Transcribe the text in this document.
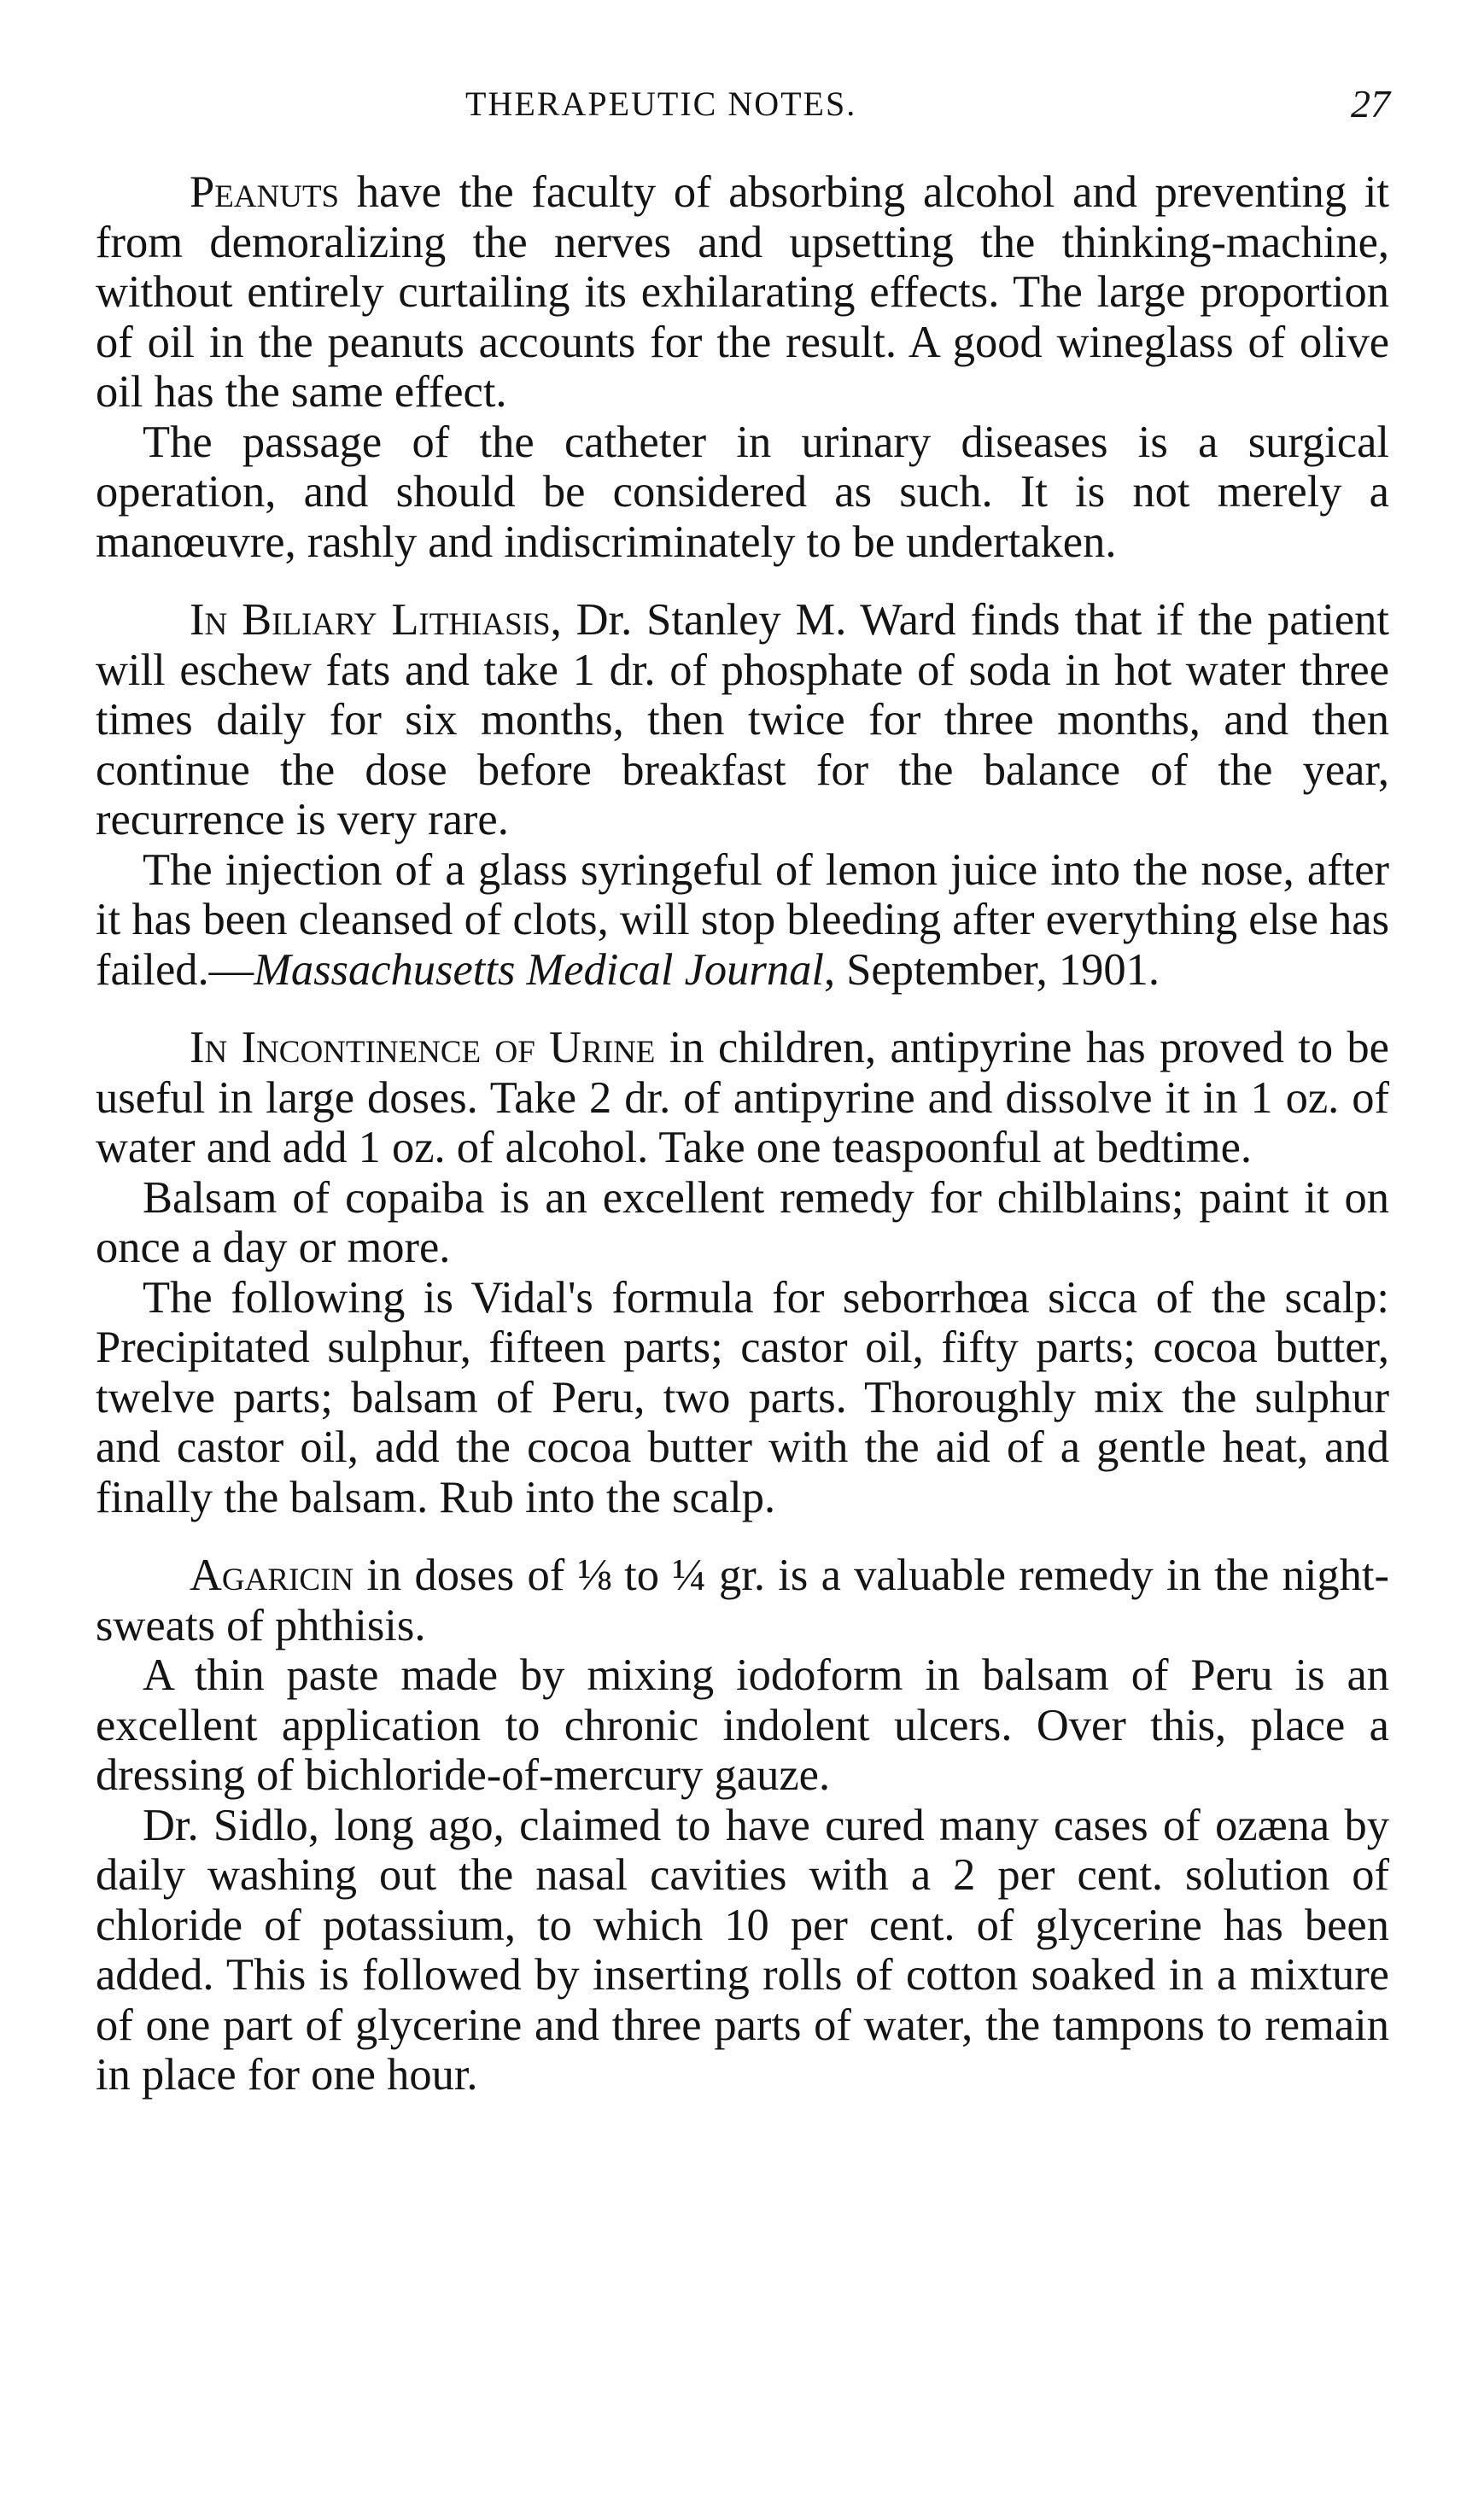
THERAPEUTIC NOTES.	27

Peanuts have the faculty of absorbing alcohol and preventing it from demoralizing the nerves and upsetting the thinking-machine, without entirely curtailing its exhilarating effects. The large proportion of oil in the peanuts accounts for the result. A good wineglass of olive oil has the same effect.

The passage of the catheter in urinary diseases is a surgical operation, and should be considered as such. It is not merely a manœuvre, rashly and indiscriminately to be undertaken.

In Biliary Lithiasis, Dr. Stanley M. Ward finds that if the patient will eschew fats and take 1 dr. of phosphate of soda in hot water three times daily for six months, then twice for three months, and then continue the dose before breakfast for the balance of the year, recurrence is very rare.

The injection of a glass syringeful of lemon juice into the nose, after it has been cleansed of clots, will stop bleeding after everything else has failed.—Massachusetts Medical Journal, September, 1901.

In Incontinence of Urine in children, antipyrine has proved to be useful in large doses. Take 2 dr. of antipyrine and dissolve it in 1 oz. of water and add 1 oz. of alcohol. Take one teaspoonful at bedtime.

Balsam of copaiba is an excellent remedy for chilblains; paint it on once a day or more.

The following is Vidal's formula for seborrhœa sicca of the scalp: Precipitated sulphur, fifteen parts; castor oil, fifty parts; cocoa butter, twelve parts; balsam of Peru, two parts. Thoroughly mix the sulphur and castor oil, add the cocoa butter with the aid of a gentle heat, and finally the balsam. Rub into the scalp.

Agaricin in doses of ⅛ to ¼ gr. is a valuable remedy in the night-sweats of phthisis.

A thin paste made by mixing iodoform in balsam of Peru is an excellent application to chronic indolent ulcers. Over this, place a dressing of bichloride-of-mercury gauze.

Dr. Sidlo, long ago, claimed to have cured many cases of ozæna by daily washing out the nasal cavities with a 2 per cent. solution of chloride of potassium, to which 10 per cent. of glycerine has been added. This is followed by inserting rolls of cotton soaked in a mixture of one part of glycerine and three parts of water, the tampons to remain in place for one hour.
